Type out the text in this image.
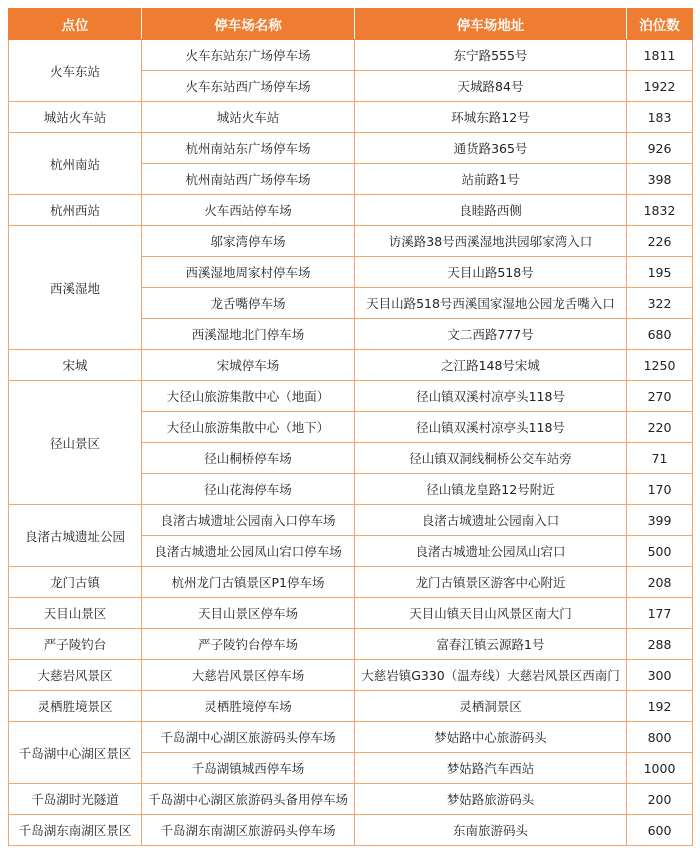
点位	停车场名称	停车场地址	泊位数
火车东站	火车东站东广场停车场	东宁路555号	1811
	火车东站西广场停车场	天城路84号	1922
城站火车站	城站火车站	环城东路12号	183
杭州南站	杭州南站东广场停车场	通货路365号	926
	杭州南站西广场停车场	站前路1号	398
杭州西站	火车西站停车场	良睦路西侧	1832
西溪湿地	邬家湾停车场	访溪路38号西溪湿地洪园邬家湾入口	226
	西溪湿地周家村停车场	天目山路518号	195
	龙舌嘴停车场	天目山路518号西溪国家湿地公园龙舌嘴入口	322
	西溪湿地北门停车场	文二西路777号	680
宋城	宋城停车场	之江路148号宋城	1250
径山景区	大径山旅游集散中心（地面）	径山镇双溪村凉亭头118号	270
	大径山旅游集散中心（地下）	径山镇双溪村凉亭头118号	220
	径山桐桥停车场	径山镇双洞线桐桥公交车站旁	71
	径山花海停车场	径山镇龙皇路12号附近	170
良渚古城遗址公园	良渚古城遗址公园南入口停车场	良渚古城遗址公园南入口	399
	良渚古城遗址公园凤山宕口停车场	良渚古城遗址公园凤山宕口	500
龙门古镇	杭州龙门古镇景区P1停车场	龙门古镇景区游客中心附近	208
天目山景区	天目山景区停车场	天目山镇天目山风景区南大门	177
严子陵钓台	严子陵钓台停车场	富春江镇云源路1号	288
大慈岩风景区	大慈岩风景区停车场	大慈岩镇G330（温寿线）大慈岩风景区西南门	300
灵栖胜境景区	灵栖胜境停车场	灵栖洞景区	192
千岛湖中心湖区景区	千岛湖中心湖区旅游码头停车场	梦姑路中心旅游码头	800
	千岛湖镇城西停车场	梦姑路汽车西站	1000
千岛湖时光隧道	千岛湖中心湖区旅游码头备用停车场	梦姑路旅游码头	200
千岛湖东南湖区景区	千岛湖东南湖区旅游码头停车场	东南旅游码头	600
